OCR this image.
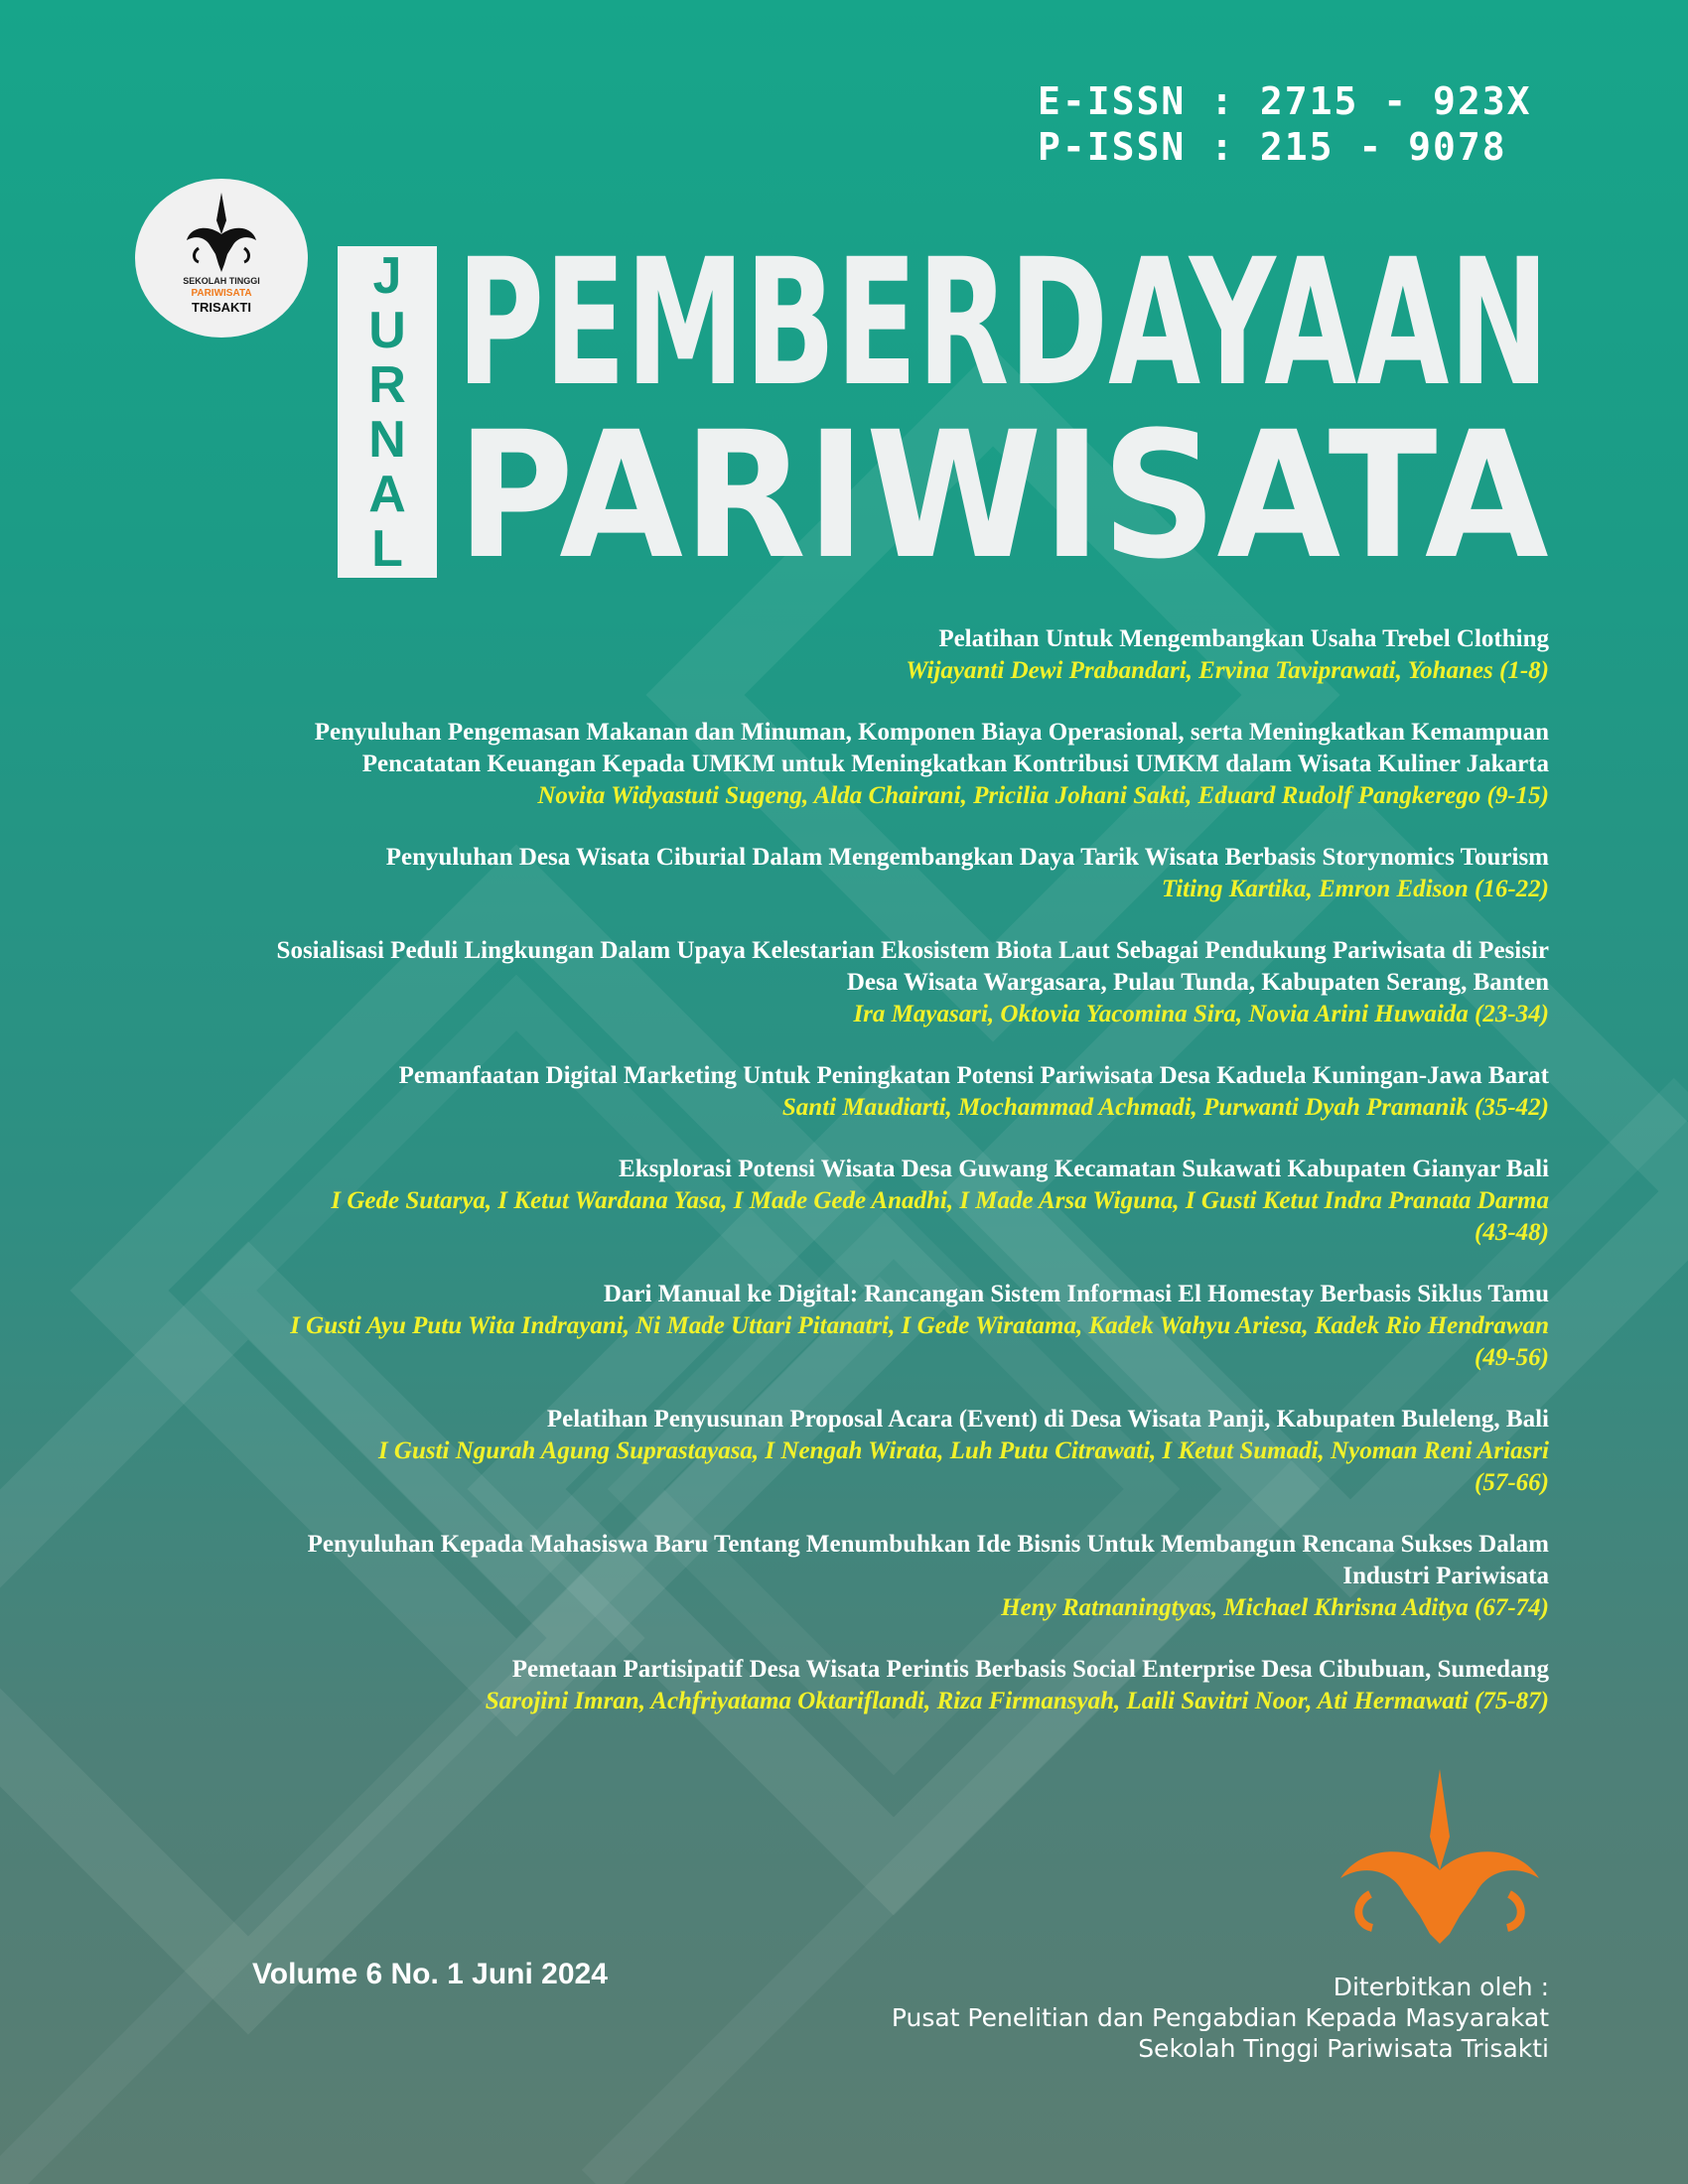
E-ISSN : 2715 - 923X
P-ISSN : 215 - 9078
SEKOLAH TINGGI
PARIWISATA
TRISAKTI
J
U
R
N
A
L
PEMBERDAYAAN
PARIWISATA
Pelatihan Untuk Mengembangkan Usaha Trebel Clothing
Wijayanti Dewi Prabandari, Ervina Taviprawati, Yohanes (1-8)
Penyuluhan Pengemasan Makanan dan Minuman, Komponen Biaya Operasional, serta Meningkatkan Kemampuan
Pencatatan Keuangan Kepada UMKM untuk Meningkatkan Kontribusi UMKM dalam Wisata Kuliner Jakarta
Novita Widyastuti Sugeng, Alda Chairani, Pricilia Johani Sakti, Eduard Rudolf Pangkerego (9-15)
Penyuluhan Desa Wisata Ciburial Dalam Mengembangkan Daya Tarik Wisata Berbasis Storynomics Tourism
Titing Kartika, Emron Edison (16-22)
Sosialisasi Peduli Lingkungan Dalam Upaya Kelestarian Ekosistem Biota Laut Sebagai Pendukung Pariwisata di Pesisir
Desa Wisata Wargasara, Pulau Tunda, Kabupaten Serang, Banten
Ira Mayasari, Oktovia Yacomina Sira, Novia Arini Huwaida (23-34)
Pemanfaatan Digital Marketing Untuk Peningkatan Potensi Pariwisata Desa Kaduela Kuningan-Jawa Barat
Santi Maudiarti, Mochammad Achmadi, Purwanti Dyah Pramanik (35-42)
Eksplorasi Potensi Wisata Desa Guwang Kecamatan Sukawati Kabupaten Gianyar Bali
I Gede Sutarya, I Ketut Wardana Yasa, I Made Gede Anadhi, I Made Arsa Wiguna, I Gusti Ketut Indra Pranata Darma
(43-48)
Dari Manual ke Digital: Rancangan Sistem Informasi El Homestay Berbasis Siklus Tamu
I Gusti Ayu Putu Wita Indrayani, Ni Made Uttari Pitanatri, I Gede Wiratama, Kadek Wahyu Ariesa, Kadek Rio Hendrawan
(49-56)
Pelatihan Penyusunan Proposal Acara (Event) di Desa Wisata Panji, Kabupaten Buleleng, Bali
I Gusti Ngurah Agung Suprastayasa, I Nengah Wirata, Luh Putu Citrawati, I Ketut Sumadi, Nyoman Reni Ariasri
(57-66)
Penyuluhan Kepada Mahasiswa Baru Tentang Menumbuhkan Ide Bisnis Untuk Membangun Rencana Sukses Dalam
Industri Pariwisata
Heny Ratnaningtyas, Michael Khrisna Aditya (67-74)
Pemetaan Partisipatif Desa Wisata Perintis Berbasis Social Enterprise Desa Cibubuan, Sumedang
Sarojini Imran, Achfriyatama Oktariflandi, Riza Firmansyah, Laili Savitri Noor, Ati Hermawati (75-87)
Volume 6 No. 1 Juni 2024	Diterbitkan oleh :
Pusat Penelitian dan Pengabdian Kepada Masyarakat
Sekolah Tinggi Pariwisata Trisakti
